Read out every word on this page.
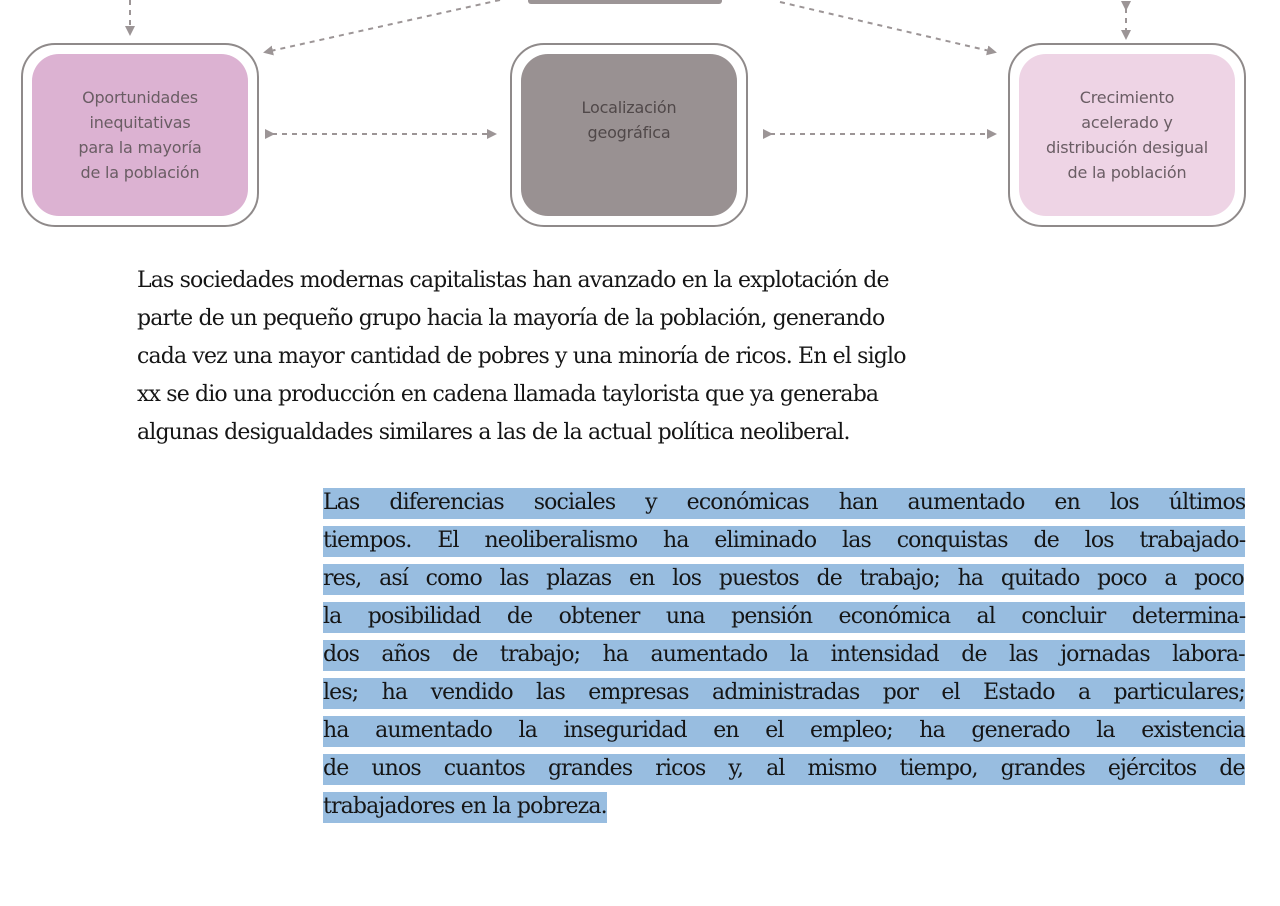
Oportunidades
inequitativas
para la mayoría
de la población
Localización
geográfica
Crecimiento
acelerado y
distribución desigual
de la población
Las sociedades modernas capitalistas han avanzado en la explotación de
parte de un pequeño grupo hacia la mayoría de la población, generando
cada vez una mayor cantidad de pobres y una minoría de ricos. En el siglo
xx se dio una producción en cadena llamada taylorista que ya generaba
algunas desigualdades similares a las de la actual política neoliberal.
Las diferencias sociales y económicas han aumentado en los últimos
tiempos. El neoliberalismo ha eliminado las conquistas de los trabajado-
res, así como las plazas en los puestos de trabajo; ha quitado poco a poco
la posibilidad de obtener una pensión económica al concluir determina-
dos años de trabajo; ha aumentado la intensidad de las jornadas labora-
les; ha vendido las empresas administradas por el Estado a particulares;
ha aumentado la inseguridad en el empleo; ha generado la existencia
de unos cuantos grandes ricos y, al mismo tiempo, grandes ejércitos de
trabajadores en la pobreza.
